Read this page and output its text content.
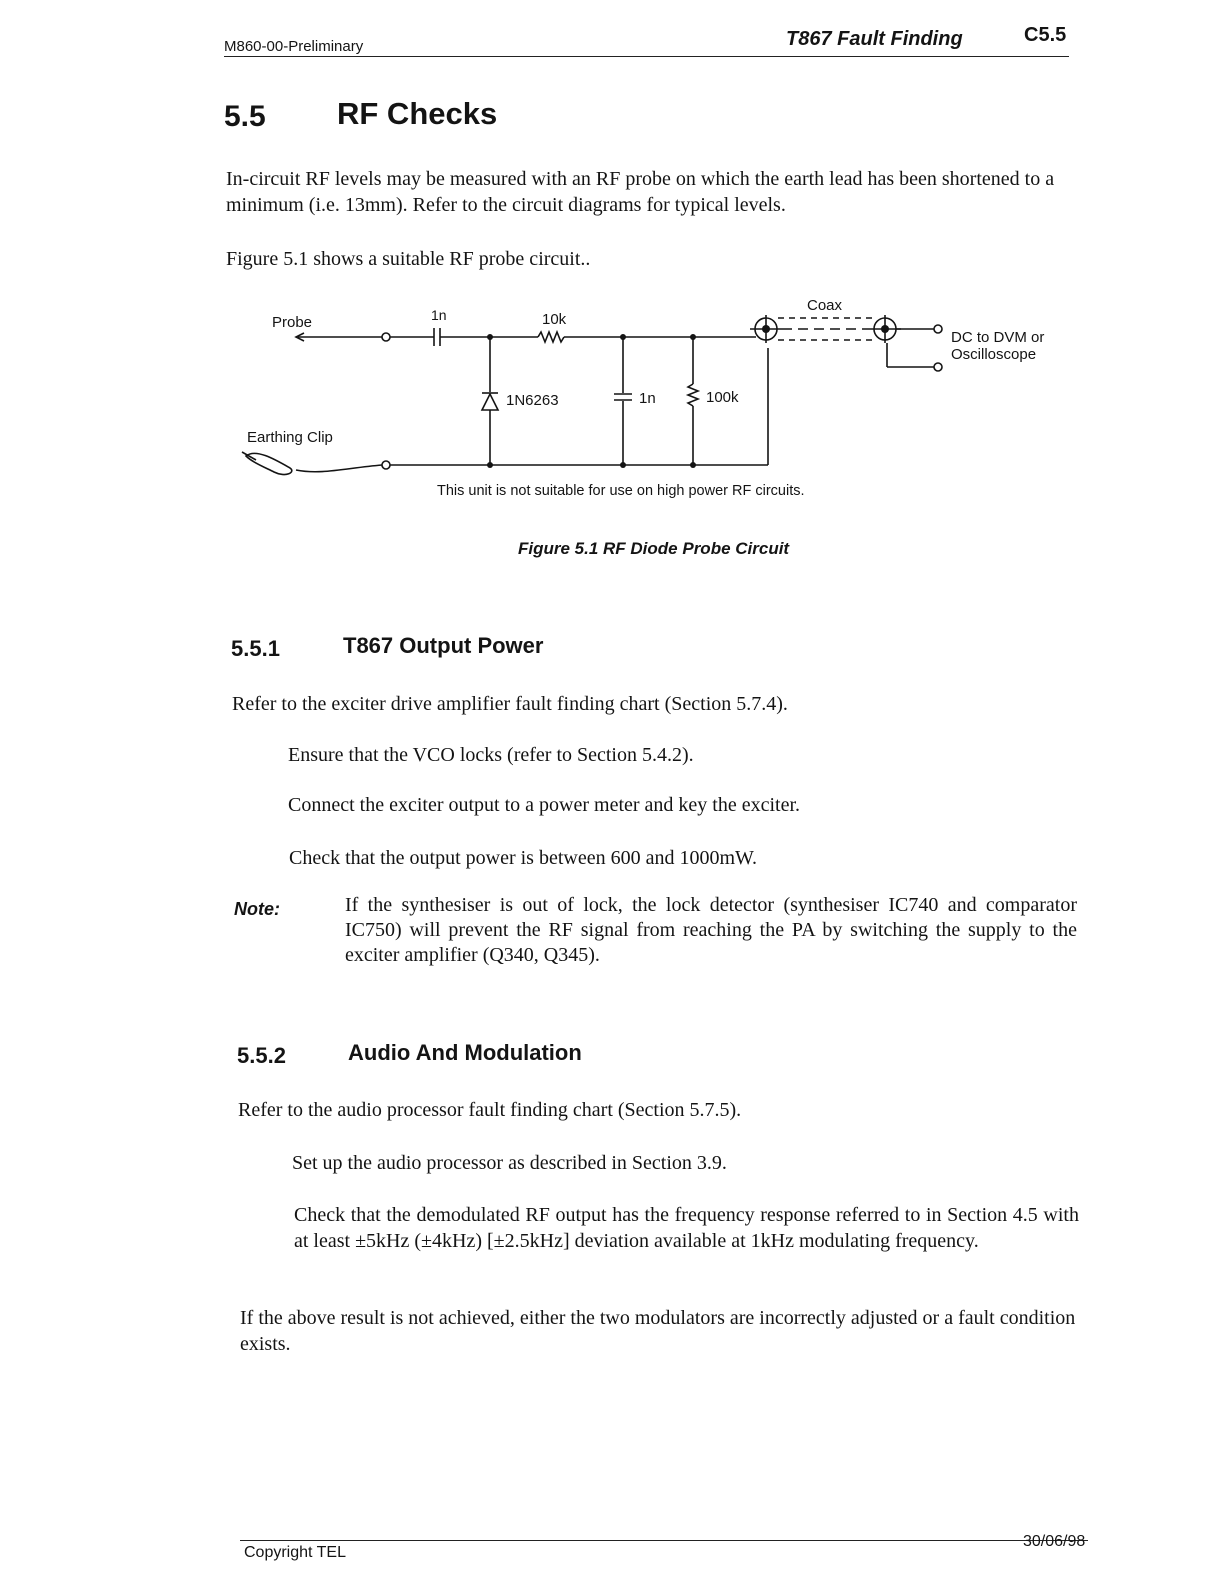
M860-00-Preliminary	T867 Fault Finding	C5.5
5.5 RF Checks
In-circuit RF levels may be measured with an RF probe on which the earth lead has been shortened to a minimum (i.e. 13mm). Refer to the circuit diagrams for typical levels.
Figure 5.1 shows a suitable RF probe circuit..
Probe	1n	10k
1N6263	1n	100k
Coax
DC to DVM or
Oscilloscope
Earthing Clip
This unit is not suitable for use on high power RF circuits.
Figure 5.1 RF Diode Probe Circuit
5.5.1	T867 Output Power
Refer to the exciter drive amplifier fault finding chart (Section 5.7.4).
Ensure that the VCO locks (refer to Section 5.4.2).
Connect the exciter output to a power meter and key the exciter.
Check that the output power is between 600 and 1000mW.
Note:	If the synthesiser is out of lock, the lock detector (synthesiser IC740 and comparator IC750) will prevent the RF signal from reaching the PA by switching the supply to the exciter amplifier (Q340, Q345).
5.5.2	Audio And Modulation
Refer to the audio processor fault finding chart (Section 5.7.5).
Set up the audio processor as described in Section 3.9.
Check that the demodulated RF output has the frequency response referred to in Section 4.5 with at least ±5kHz (±4kHz) [±2.5kHz] deviation available at 1kHz modulating frequency.
If the above result is not achieved, either the two modulators are incorrectly adjusted or a fault condition exists.
Copyright TEL
30/06/98
